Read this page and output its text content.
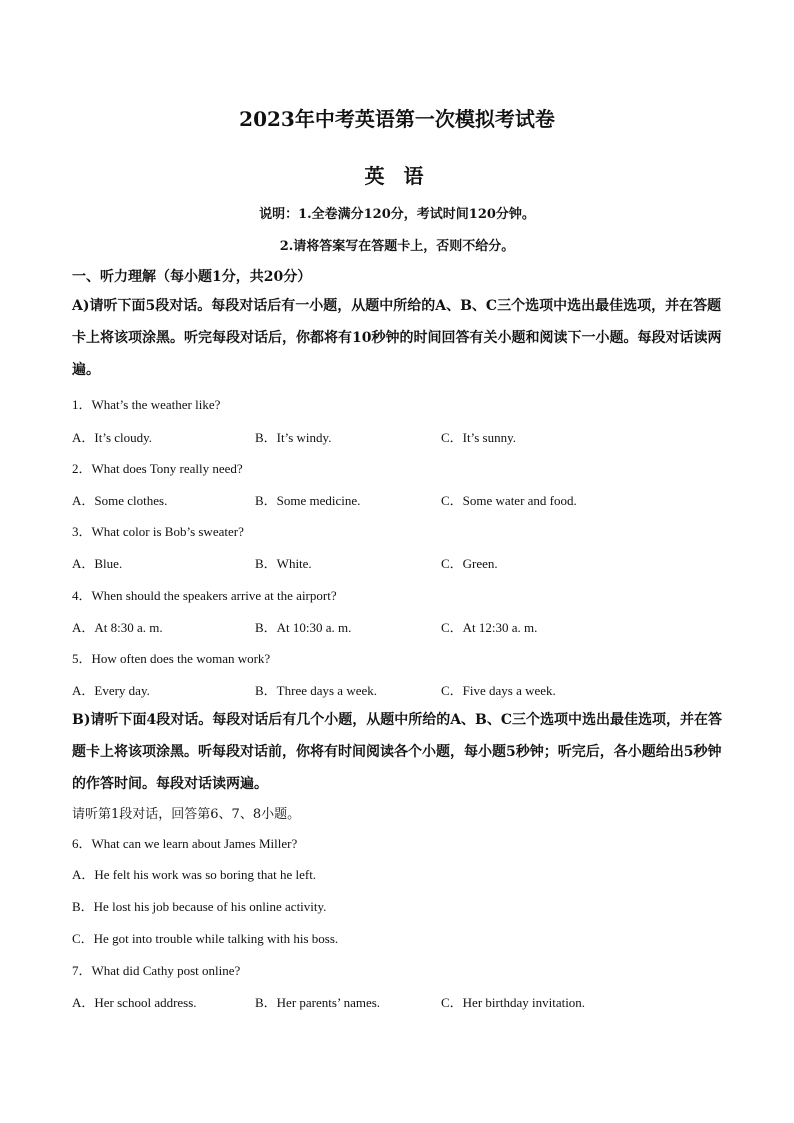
2023年中考英语第一次模拟考试卷
英 语
说明：1.全卷满分120分，考试时间120分钟。
2.请将答案写在答题卡上，否则不给分。
一、听力理解（每小题1分，共20分）
A)请听下面5段对话。每段对话后有一小题，从题中所给的A、B、C三个选项中选出最佳选项，并在答题卡上将该项涂黑。听完每段对话后，你都将有10秒钟的时间回答有关小题和阅读下一小题。每段对话读两遍。
1．What’s the weather like?
A．It’s cloudy.	B．It’s windy.	C．It’s sunny.
2．What does Tony really need?
A．Some clothes.	B．Some medicine.	C．Some water and food.
3．What color is Bob’s sweater?
A．Blue.	B．White.	C．Green.
4．When should the speakers arrive at the airport?
A．At 8:30 a. m.	B．At 10:30 a. m.	C．At 12:30 a. m.
5．How often does the woman work?
A．Every day.	B．Three days a week.	C．Five days a week.
B)请听下面4段对话。每段对话后有几个小题，从题中所给的A、B、C三个选项中选出最佳选项，并在答题卡上将该项涂黑。听每段对话前，你将有时间阅读各个小题，每小题5秒钟；听完后，各小题给出5秒钟的作答时间。每段对话读两遍。
请听第1段对话，回答第6、7、8小题。
6．What can we learn about James Miller?
A．He felt his work was so boring that he left.
B．He lost his job because of his online activity.
C．He got into trouble while talking with his boss.
7．What did Cathy post online?
A．Her school address.	B．Her parents’ names.	C．Her birthday invitation.
